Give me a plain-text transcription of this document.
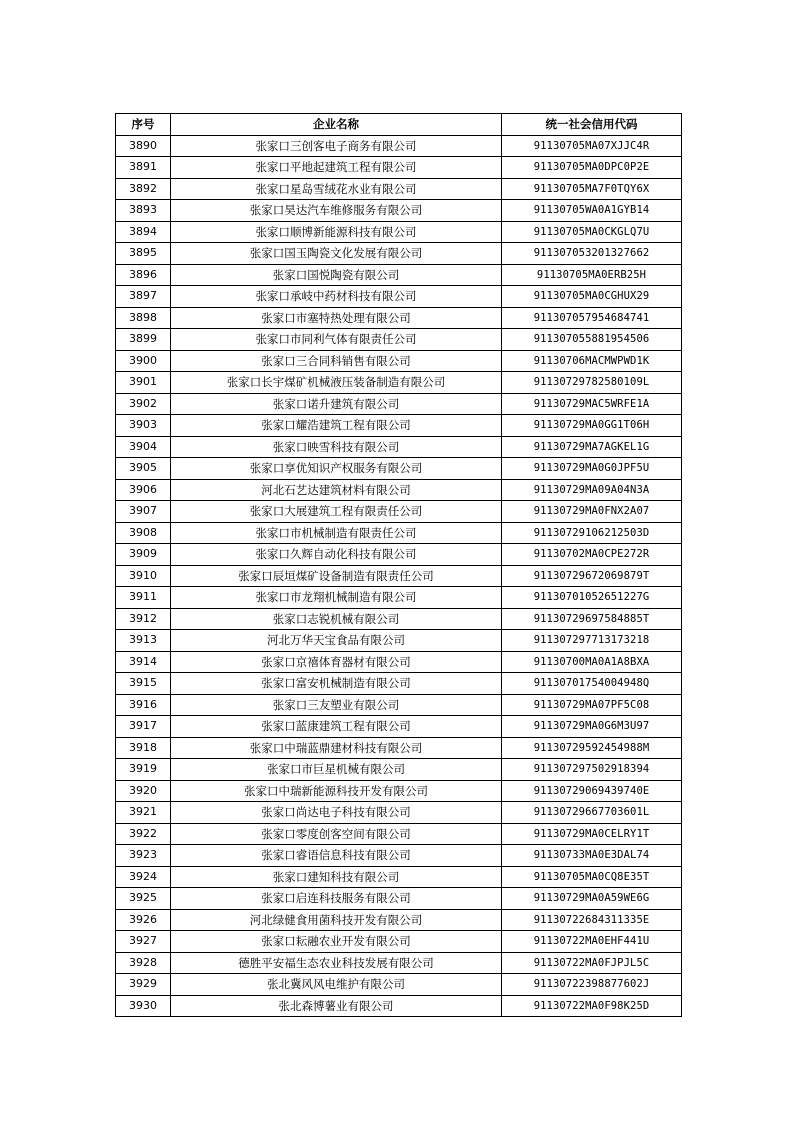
序号	企业名称	统一社会信用代码
3890	张家口三创客电子商务有限公司	91130705MA07XJJC4R
3891	张家口平地起建筑工程有限公司	91130705MA0DPC0P2E
3892	张家口星岛雪绒花水业有限公司	91130705MA7F0TQY6X
3893	张家口昊达汽车维修服务有限公司	91130705WA0A1GYB14
3894	张家口顺博新能源科技有限公司	91130705MA0CKGLQ7U
3895	张家口国玉陶瓷文化发展有限公司	911307053201327662
3896	张家口国悦陶瓷有限公司	91130705MA0ERB25H
3897	张家口承岐中药材科技有限公司	91130705MA0CGHUX29
3898	张家口市塞特热处理有限公司	911307057954684741
3899	张家口市同利气体有限责任公司	911307055881954506
3900	张家口三合同科销售有限公司	91130706MACMWPWD1K
3901	张家口长宇煤矿机械液压装备制造有限公司	91130729782580109L
3902	张家口诺升建筑有限公司	91130729MAC5WRFE1A
3903	张家口耀浩建筑工程有限公司	91130729MA0GG1T06H
3904	张家口映雪科技有限公司	91130729MA7AGKEL1G
3905	张家口享优知识产权服务有限公司	91130729MA0G0JPF5U
3906	河北石艺达建筑材料有限公司	91130729MA09A04N3A
3907	张家口大展建筑工程有限责任公司	91130729MA0FNX2A07
3908	张家口市机械制造有限责任公司	91130729106212503D
3909	张家口久辉自动化科技有限公司	91130702MA0CPE272R
3910	张家口辰垣煤矿设备制造有限责任公司	91130729672069879T
3911	张家口市龙翔机械制造有限公司	91130701052651227G
3912	张家口志锐机械有限公司	91130729697584885T
3913	河北万华天宝食品有限公司	911307297713173218
3914	张家口京禧体育器材有限公司	91130700MA0A1A8BXA
3915	张家口富安机械制造有限公司	91130701754004948Q
3916	张家口三友塑业有限公司	91130729MA07PF5C08
3917	张家口蓝康建筑工程有限公司	91130729MA0G6M3U97
3918	张家口中瑞蓝鼎建材科技有限公司	91130729592454988M
3919	张家口市巨星机械有限公司	911307297502918394
3920	张家口中瑞新能源科技开发有限公司	91130729069439740E
3921	张家口尚达电子科技有限公司	91130729667703601L
3922	张家口零度创客空间有限公司	91130729MA0CELRY1T
3923	张家口睿语信息科技有限公司	91130733MA0E3DAL74
3924	张家口建知科技有限公司	91130705MA0CQ8E35T
3925	张家口启连科技服务有限公司	91130729MA0A59WE6G
3926	河北绿健食用菌科技开发有限公司	91130722684311335E
3927	张家口耘融农业开发有限公司	91130722MA0EHF441U
3928	德胜平安福生态农业科技发展有限公司	91130722MA0FJPJL5C
3929	张北冀风风电维护有限公司	91130722398877602J
3930	张北森博薯业有限公司	91130722MA0F98K25D
